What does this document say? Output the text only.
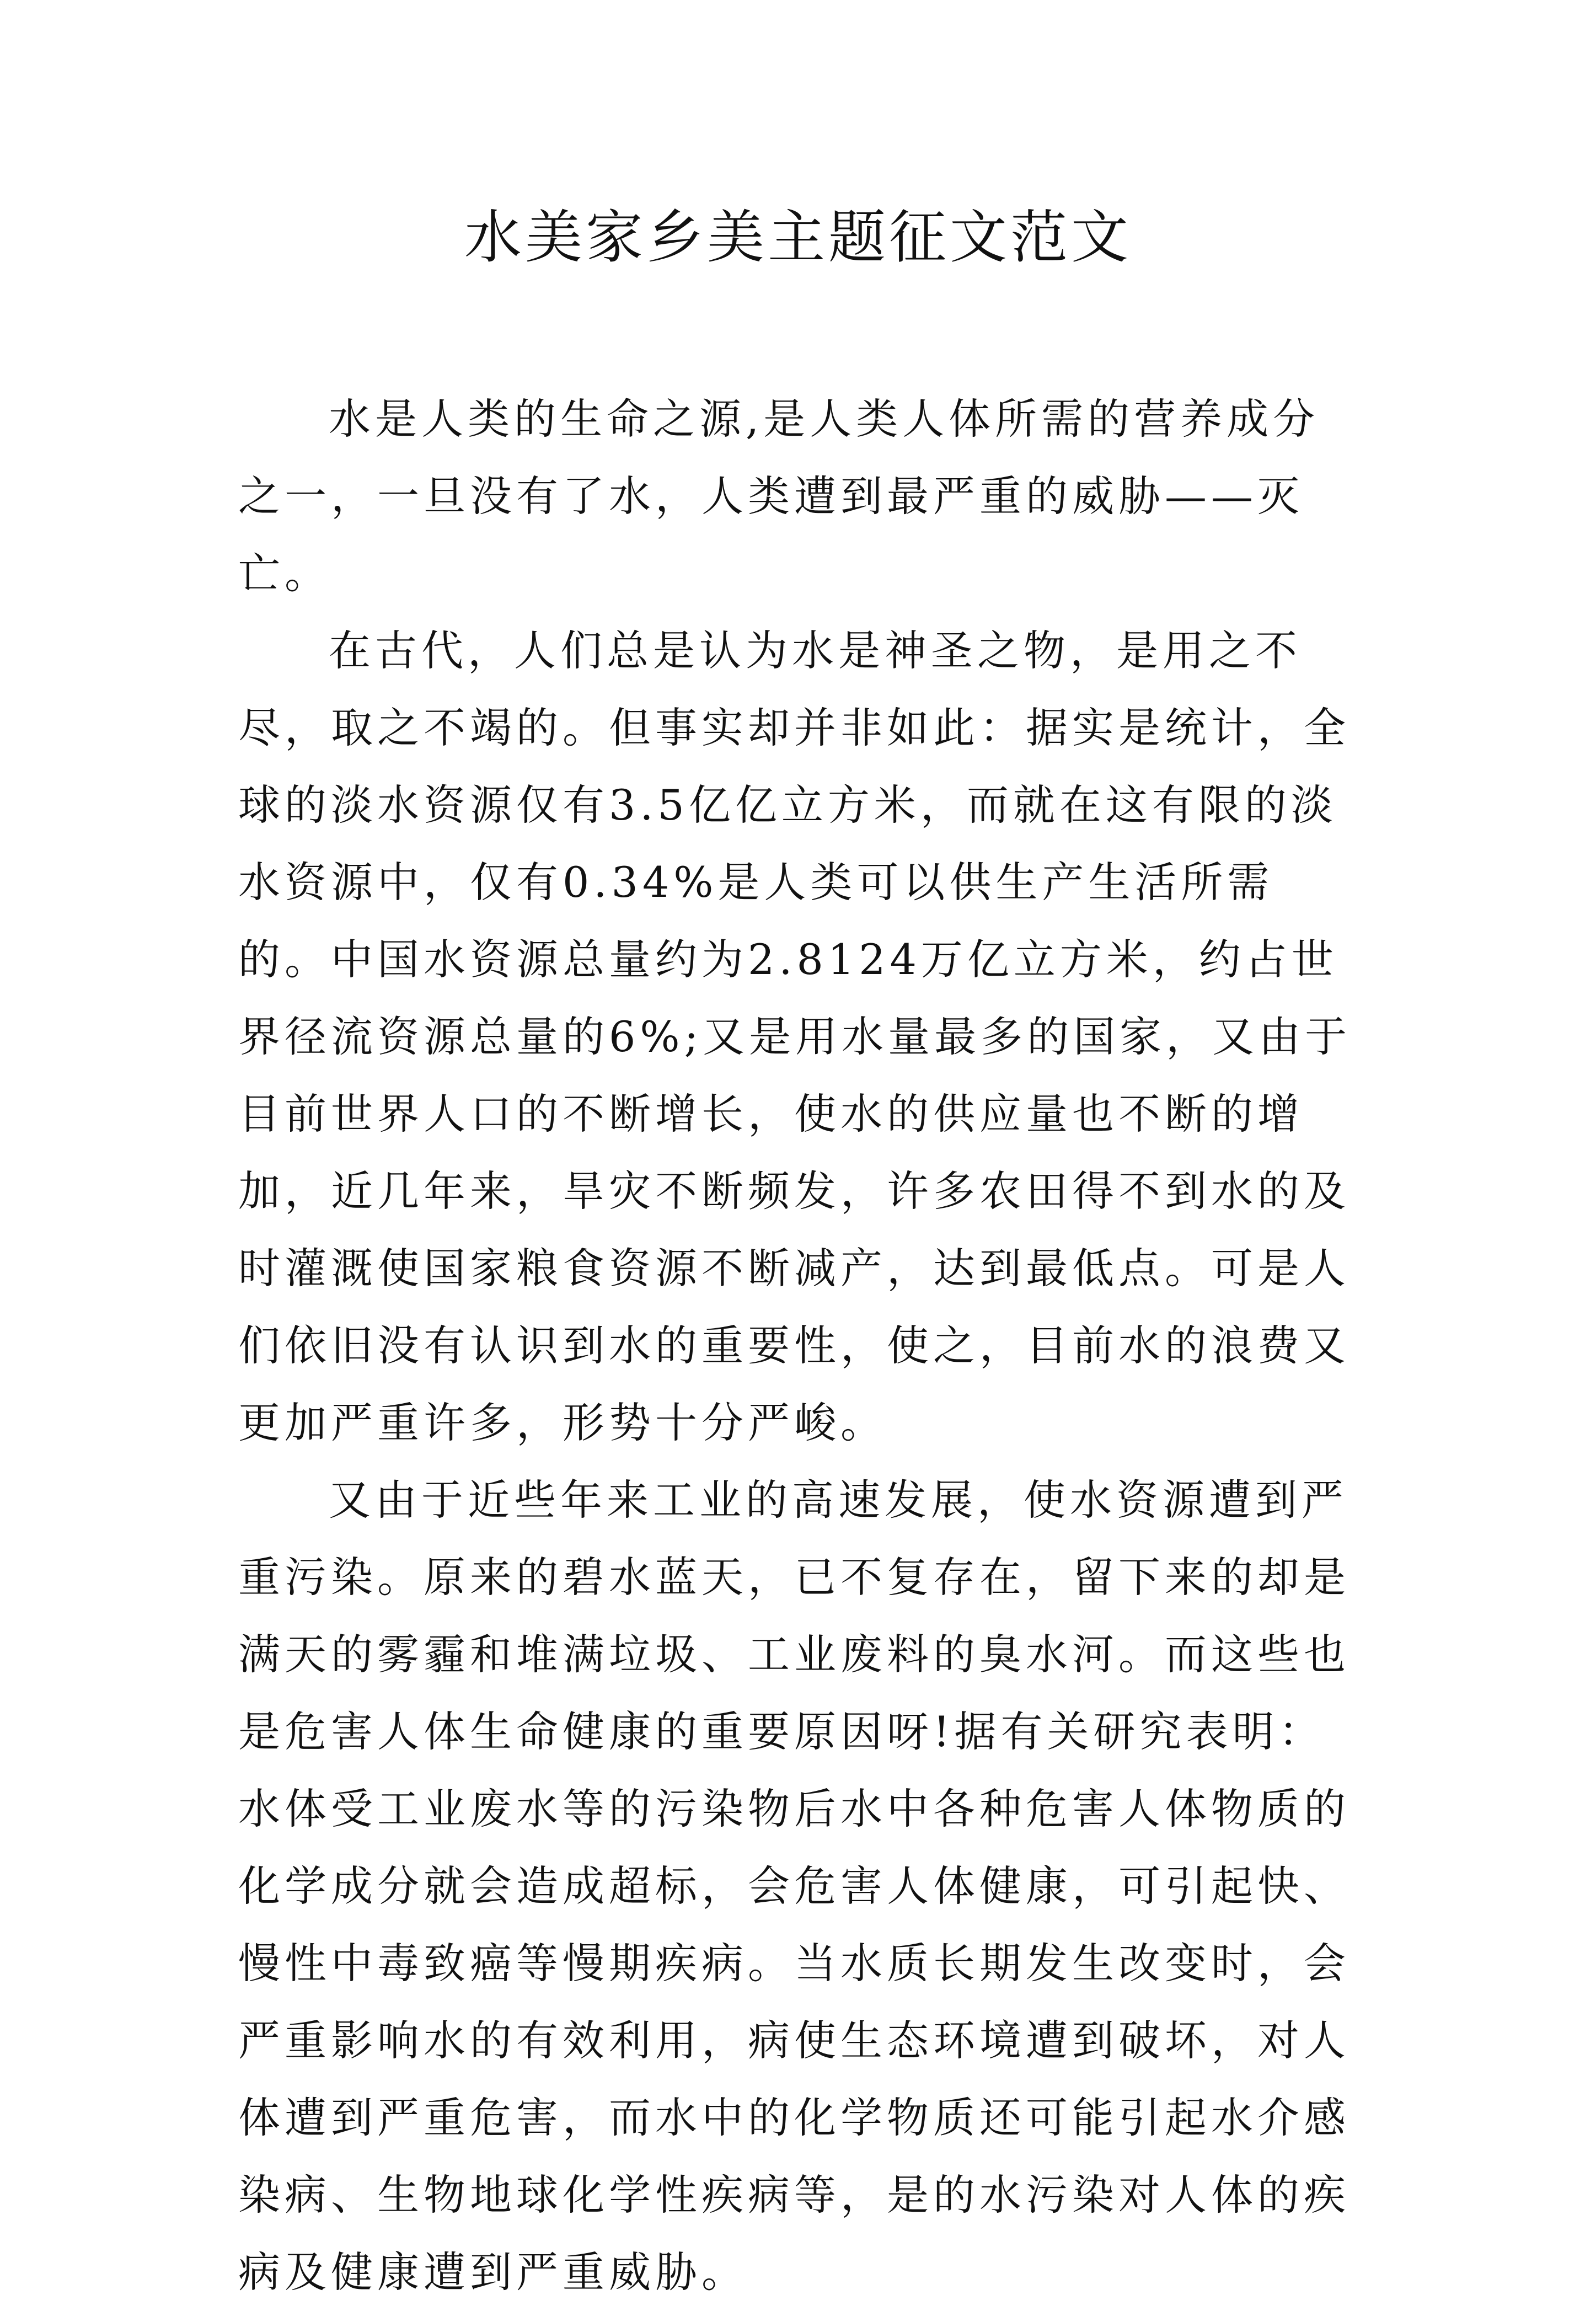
水美家乡美主题征文范文

水是人类的生命之源,是人类人体所需的营养成分之一，一旦没有了水，人类遭到最严重的威胁——灭亡。

在古代，人们总是认为水是神圣之物，是用之不尽，取之不竭的。但事实却并非如此：据实是统计，全球的淡水资源仅有3.5亿亿立方米，而就在这有限的淡水资源中，仅有0.34%是人类可以供生产生活所需的。中国水资源总量约为2.8124万亿立方米，约占世界径流资源总量的6%;又是用水量最多的国家，又由于目前世界人口的不断增长，使水的供应量也不断的增加，近几年来，旱灾不断频发，许多农田得不到水的及时灌溉使国家粮食资源不断减产，达到最低点。可是人们依旧没有认识到水的重要性，使之，目前水的浪费又更加严重许多，形势十分严峻。

又由于近些年来工业的高速发展，使水资源遭到严重污染。原来的碧水蓝天，已不复存在，留下来的却是满天的雾霾和堆满垃圾、工业废料的臭水河。而这些也是危害人体生命健康的重要原因呀!据有关研究表明：水体受工业废水等的污染物后水中各种危害人体物质的化学成分就会造成超标，会危害人体健康，可引起快、慢性中毒致癌等慢期疾病。当水质长期发生改变时，会严重影响水的有效利用，病使生态环境遭到破坏，对人体遭到严重危害，而水中的化学物质还可能引起水介感染病、生物地球化学性疾病等，是的水污染对人体的疾病及健康遭到严重威胁。
